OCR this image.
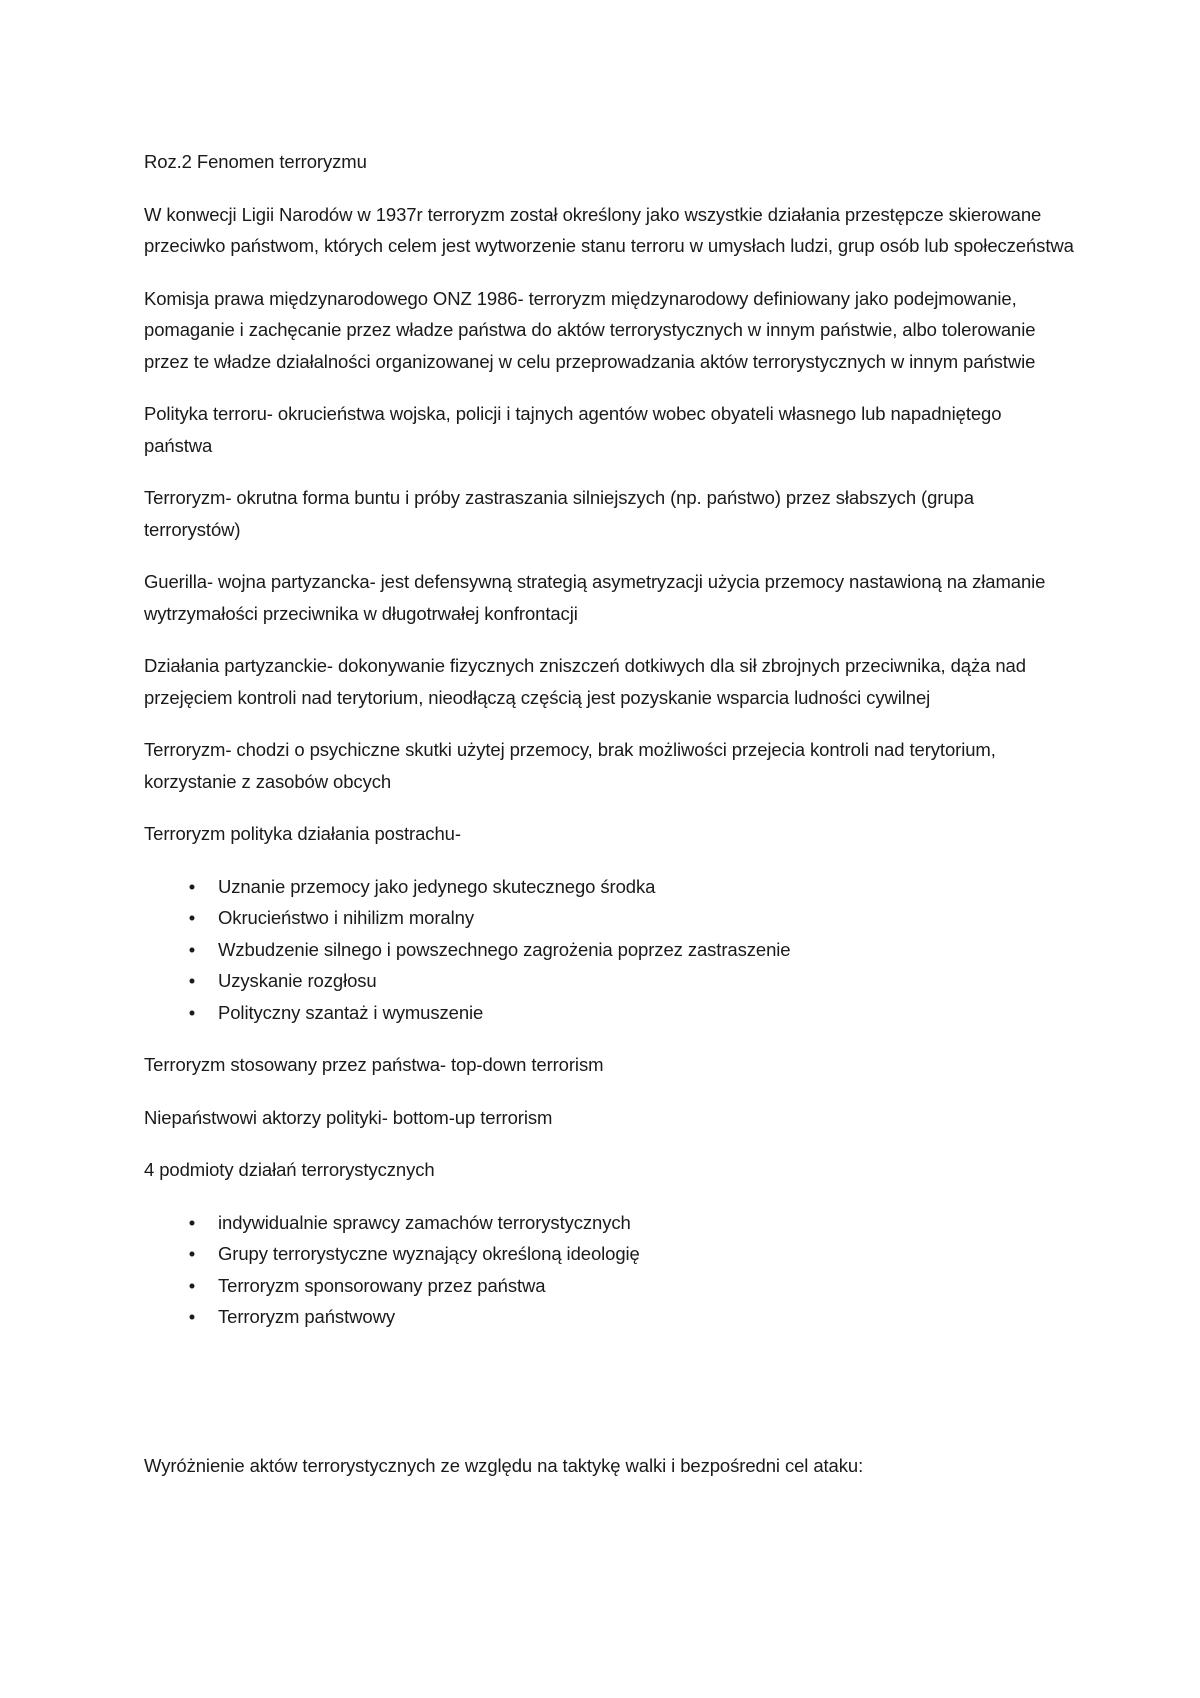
Roz.2 Fenomen terroryzmu

W konwecji Ligii Narodów w 1937r terroryzm został określony jako wszystkie działania przestępcze skierowane przeciwko państwom, których celem jest wytworzenie stanu terroru w umysłach ludzi, grup osób lub społeczeństwa

Komisja prawa międzynarodowego ONZ 1986- terroryzm międzynarodowy definiowany jako podejmowanie, pomaganie i zachęcanie przez władze państwa do aktów terrorystycznych w innym państwie, albo tolerowanie przez te władze działalności organizowanej w celu przeprowadzania aktów terrorystycznych w innym państwie

Polityka terroru- okrucieństwa wojska, policji i tajnych agentów wobec obyateli własnego lub napadniętego państwa

Terroryzm- okrutna forma buntu i próby zastraszania silniejszych (np. państwo) przez słabszych (grupa terrorystów)

Guerilla- wojna partyzancka- jest defensywną strategią asymetryzacji użycia przemocy nastawioną na złamanie wytrzymałości przeciwnika w długotrwałej konfrontacji

Działania partyzanckie- dokonywanie fizycznych zniszczeń dotkiwych dla sił zbrojnych przeciwnika, dąża nad przejęciem kontroli nad terytorium, nieodłączą częścią jest pozyskanie wsparcia ludności cywilnej

Terroryzm- chodzi o psychiczne skutki użytej przemocy, brak możliwości przejecia kontroli nad terytorium, korzystanie z zasobów obcych

Terroryzm polityka działania postrachu-

• Uznanie przemocy jako jedynego skutecznego środka
• Okrucieństwo i nihilizm moralny
• Wzbudzenie silnego i powszechnego zagrożenia poprzez zastraszenie
• Uzyskanie rozgłosu
• Polityczny szantaż i wymuszenie

Terroryzm stosowany przez państwa- top-down terrorism

Niepaństwowi aktorzy polityki- bottom-up terrorism

4 podmioty działań terrorystycznych

• indywidualnie sprawcy zamachów terrorystycznych
• Grupy terrorystyczne wyznający określoną ideologię
• Terroryzm sponsorowany przez państwa
• Terroryzm państwowy

Wyróżnienie aktów terrorystycznych ze względu na taktykę walki i bezpośredni cel ataku:
